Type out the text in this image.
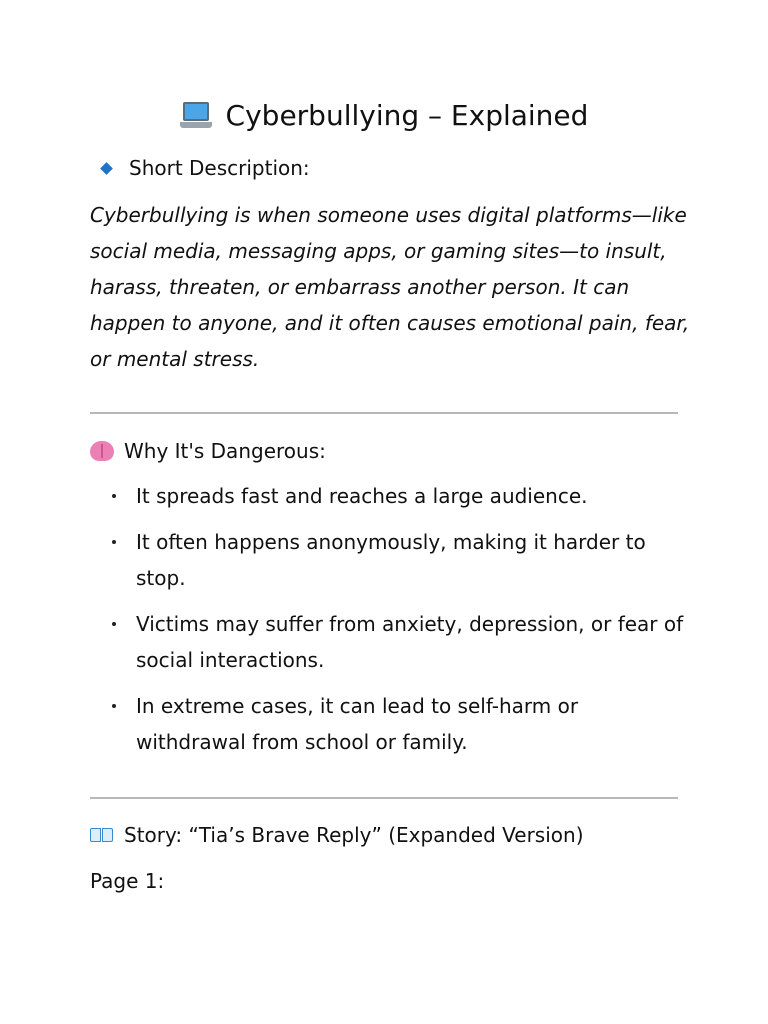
Cyberbullying – Explained
Short Description:

Cyberbullying is when someone uses digital platforms—like social media, messaging apps, or gaming sites—to insult, harass, threaten, or embarrass another person. It can happen to anyone, and it often causes emotional pain, fear, or mental stress.

Why It's Dangerous:
It spreads fast and reaches a large audience.
It often happens anonymously, making it harder to stop.
Victims may suffer from anxiety, depression, or fear of social interactions.
In extreme cases, it can lead to self-harm or withdrawal from school or family.
Story: “Tia’s Brave Reply” (Expanded Version)
Page 1:
